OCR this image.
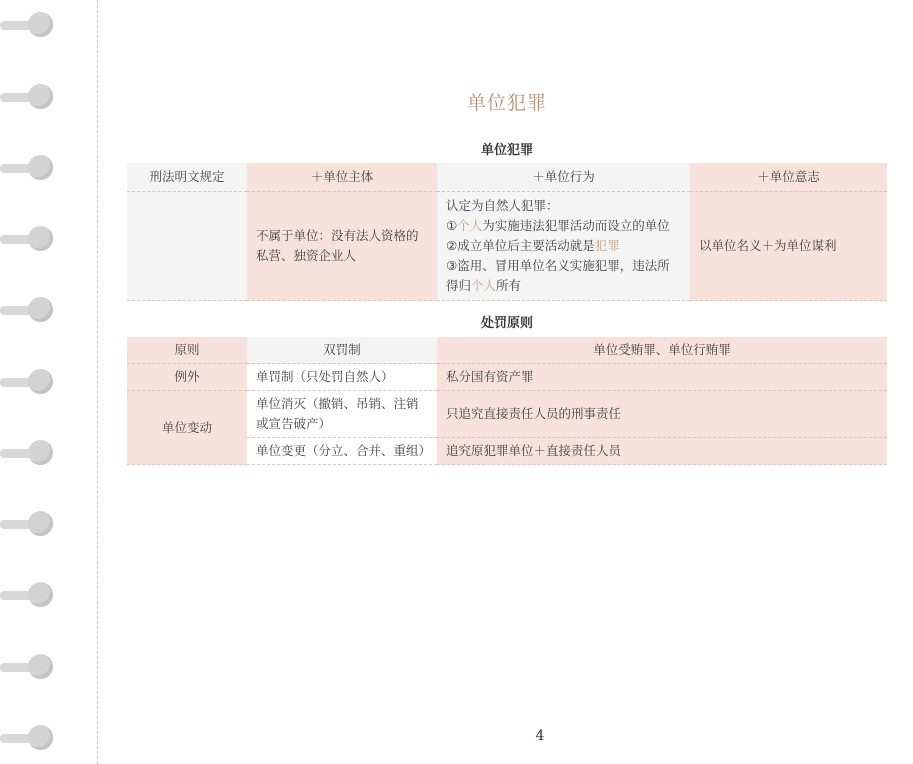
单位犯罪
单位犯罪
刑法明文规定	＋单位主体	＋单位行为	＋单位意志
	不属于单位：没有法人资格的私营、独资企业人	认定为自然人犯罪：
①个人为实施违法犯罪活动而设立的单位
②成立单位后主要活动就是犯罪
③盗用、冒用单位名义实施犯罪，违法所得归个人所有	以单位名义＋为单位谋利
处罚原则
原则	双罚制	单位受贿罪、单位行贿罪
例外	单罚制（只处罚自然人）	私分国有资产罪
单位变动	单位消灭（撤销、吊销、注销或宣告破产）	只追究直接责任人员的刑事责任
	单位变更（分立、合并、重组）	追究原犯罪单位＋直接责任人员
4
